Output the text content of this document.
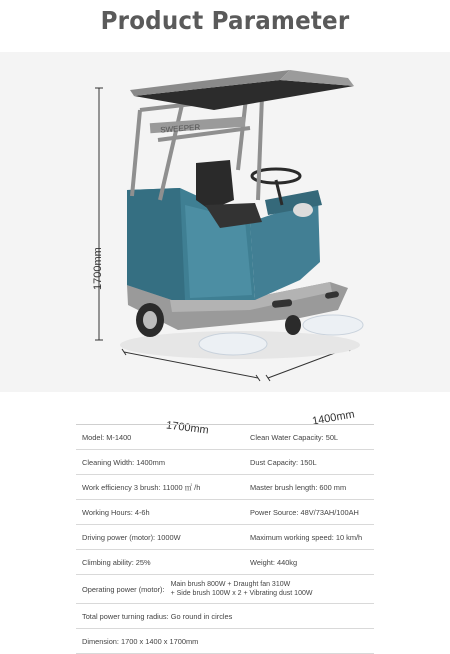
Product Parameter
SWEEPER
1700mm
1700mm
1400mm
Model: M-1400	Clean Water Capacity: 50L
Cleaning Width: 1400mm	Dust Capacity: 150L
Work efficiency 3 brush: 11000 ㎡ /h	Master brush length: 600 mm
Working Hours: 4-6h	Power Source: 48V/73AH/100AH
Driving power (motor): 1000W	Maximum working speed: 10 km/h
Climbing ability: 25%	Weight: 440kg
Operating power (motor): Main brush 800W + Draught fan 310W
+ Side brush 100W x 2 + Vibrating dust 100W
Total power turning radius: Go round in circles
Dimension: 1700 x 1400 x 1700mm
